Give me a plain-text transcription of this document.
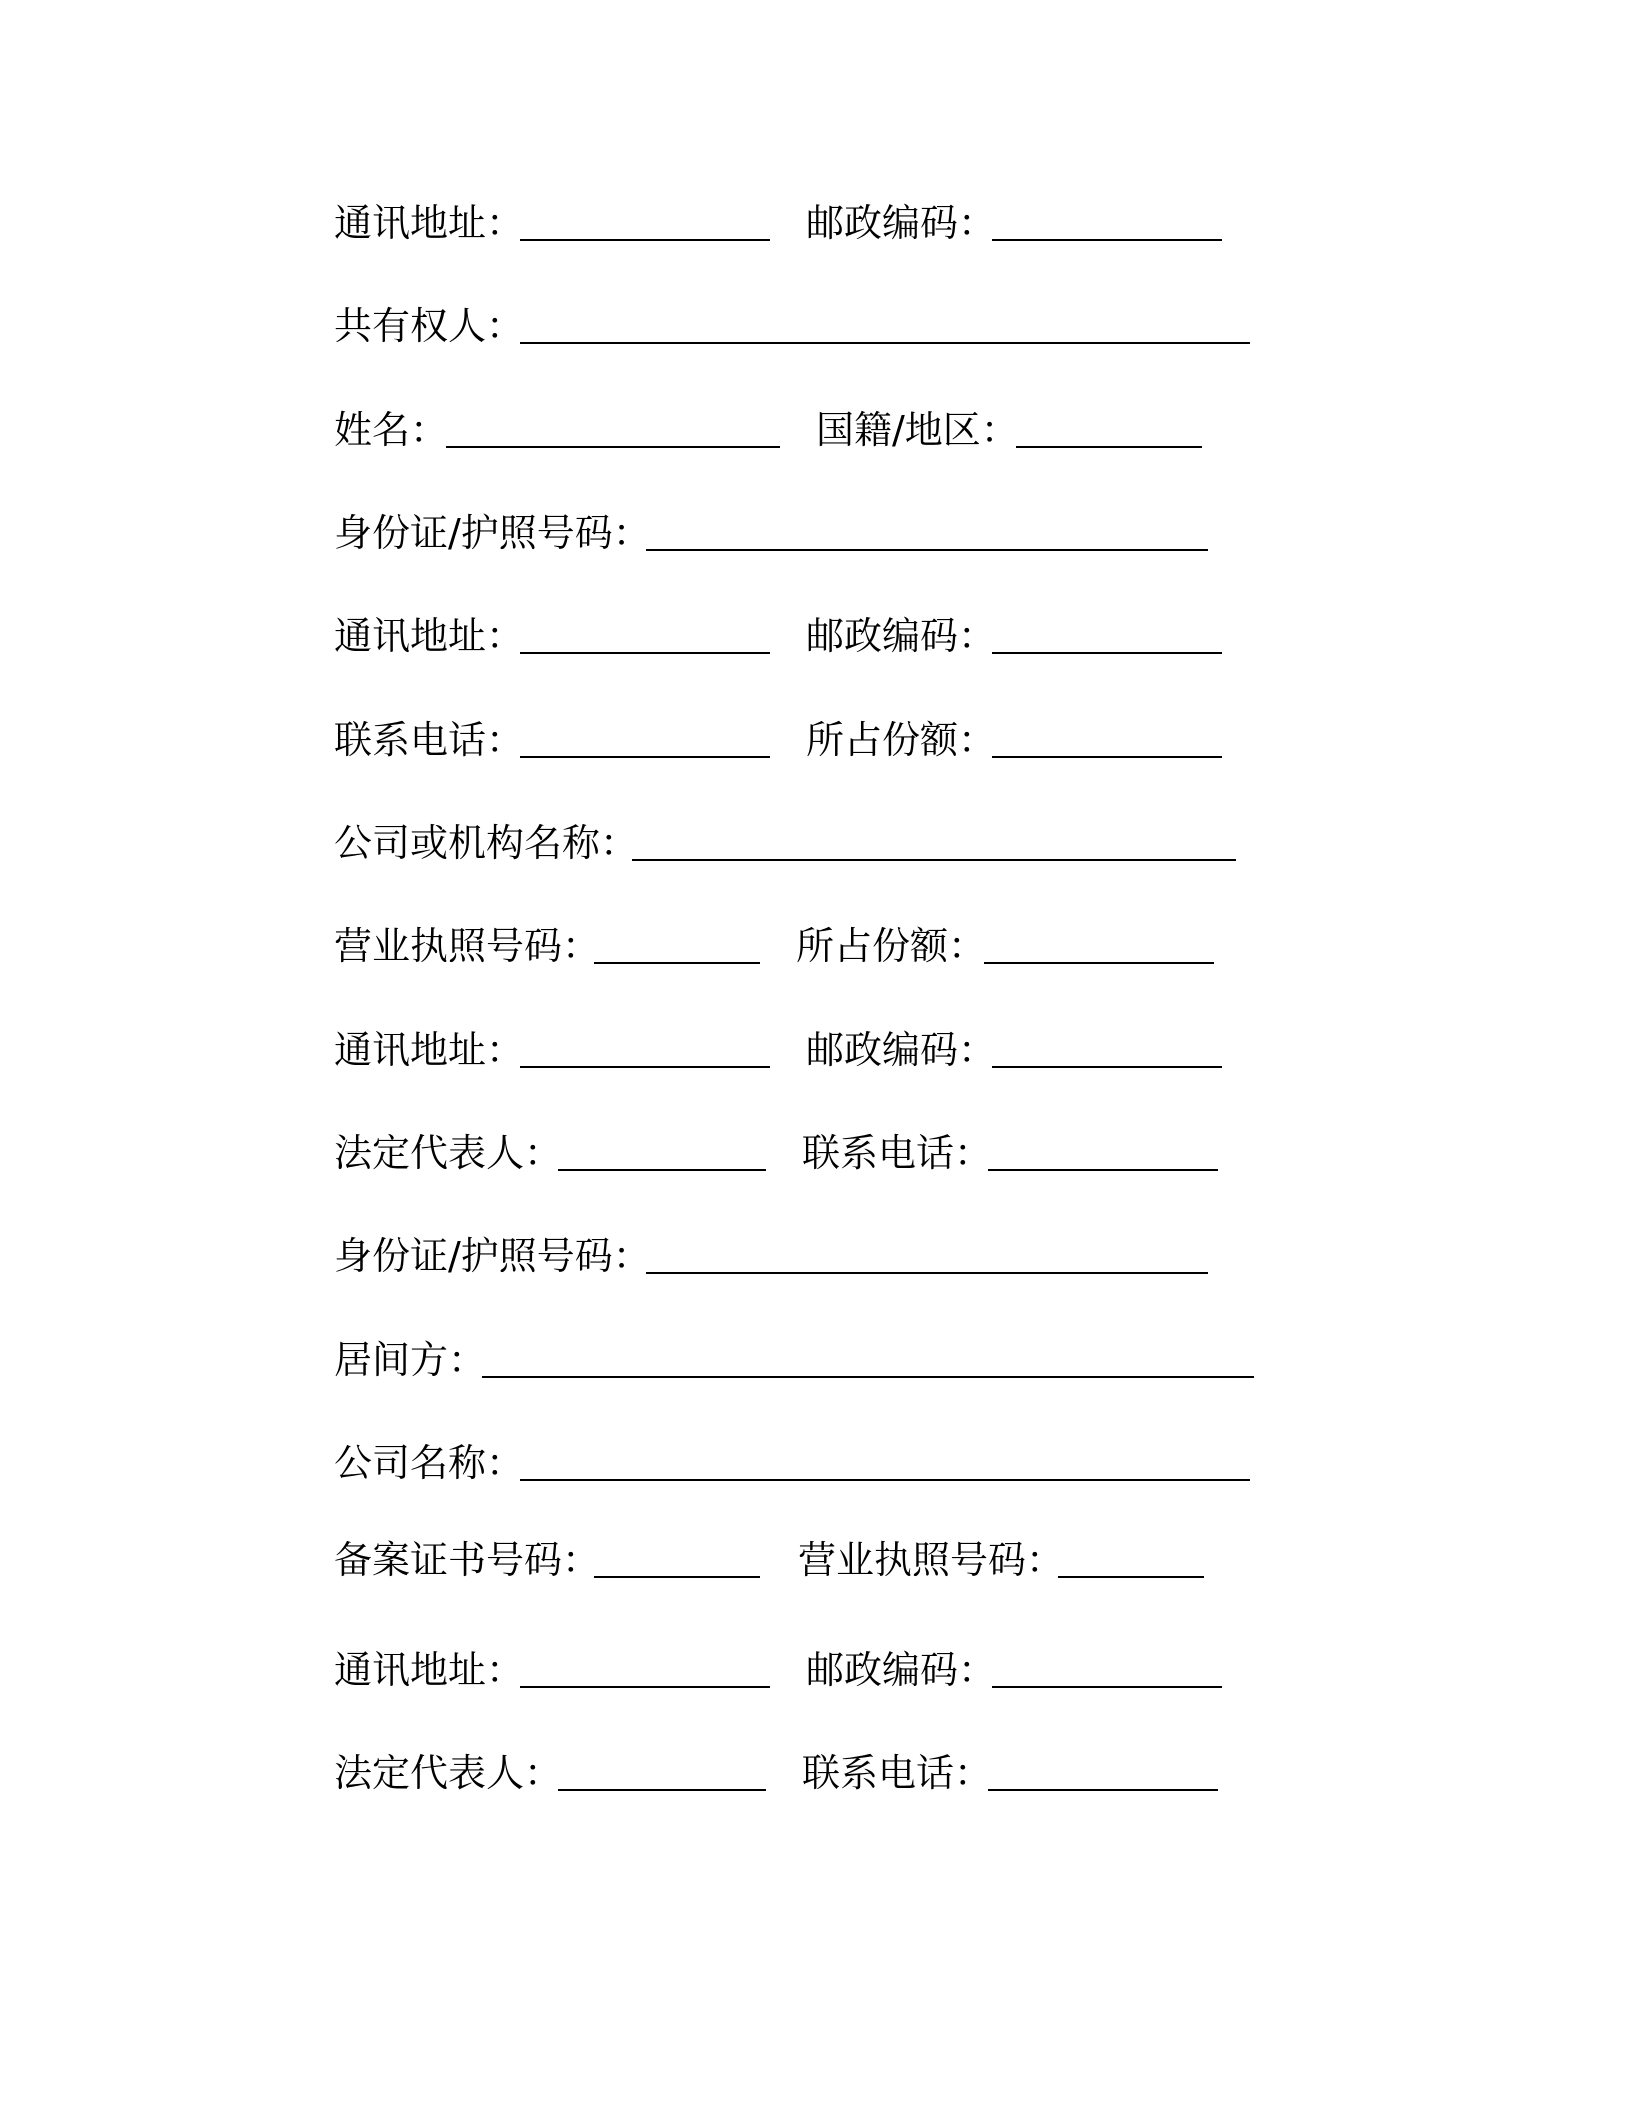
通讯地址：	邮政编码：
共有权人：
姓名：	国籍/地区：
身份证/护照号码：
通讯地址：	邮政编码：
联系电话：	所占份额：
公司或机构名称：
营业执照号码：	所占份额：
通讯地址：	邮政编码：
法定代表人：	联系电话：
身份证/护照号码：
居间方：
公司名称：
备案证书号码：	营业执照号码：
通讯地址：	邮政编码：
法定代表人：	联系电话：
